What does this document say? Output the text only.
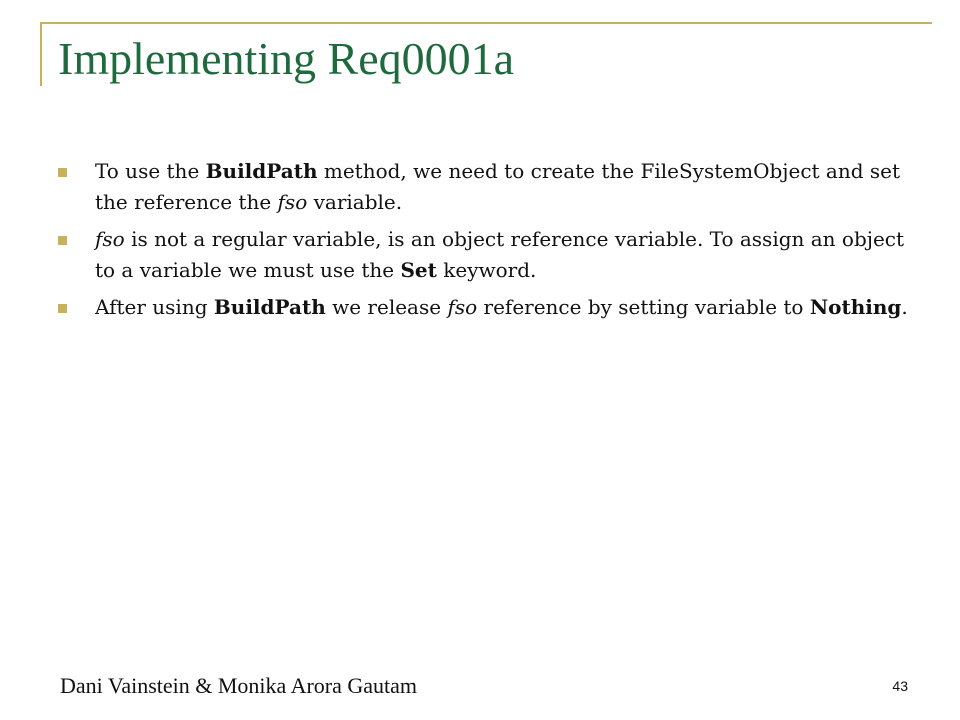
Implementing Req0001a
To use the BuildPath method, we need to create the FileSystemObject and set the reference the fso variable.
fso is not a regular variable, is an object reference variable. To assign an object to a variable we must use the Set keyword.
After using BuildPath we release fso reference by setting variable to Nothing.
Dani Vainstein & Monika Arora Gautam	43
